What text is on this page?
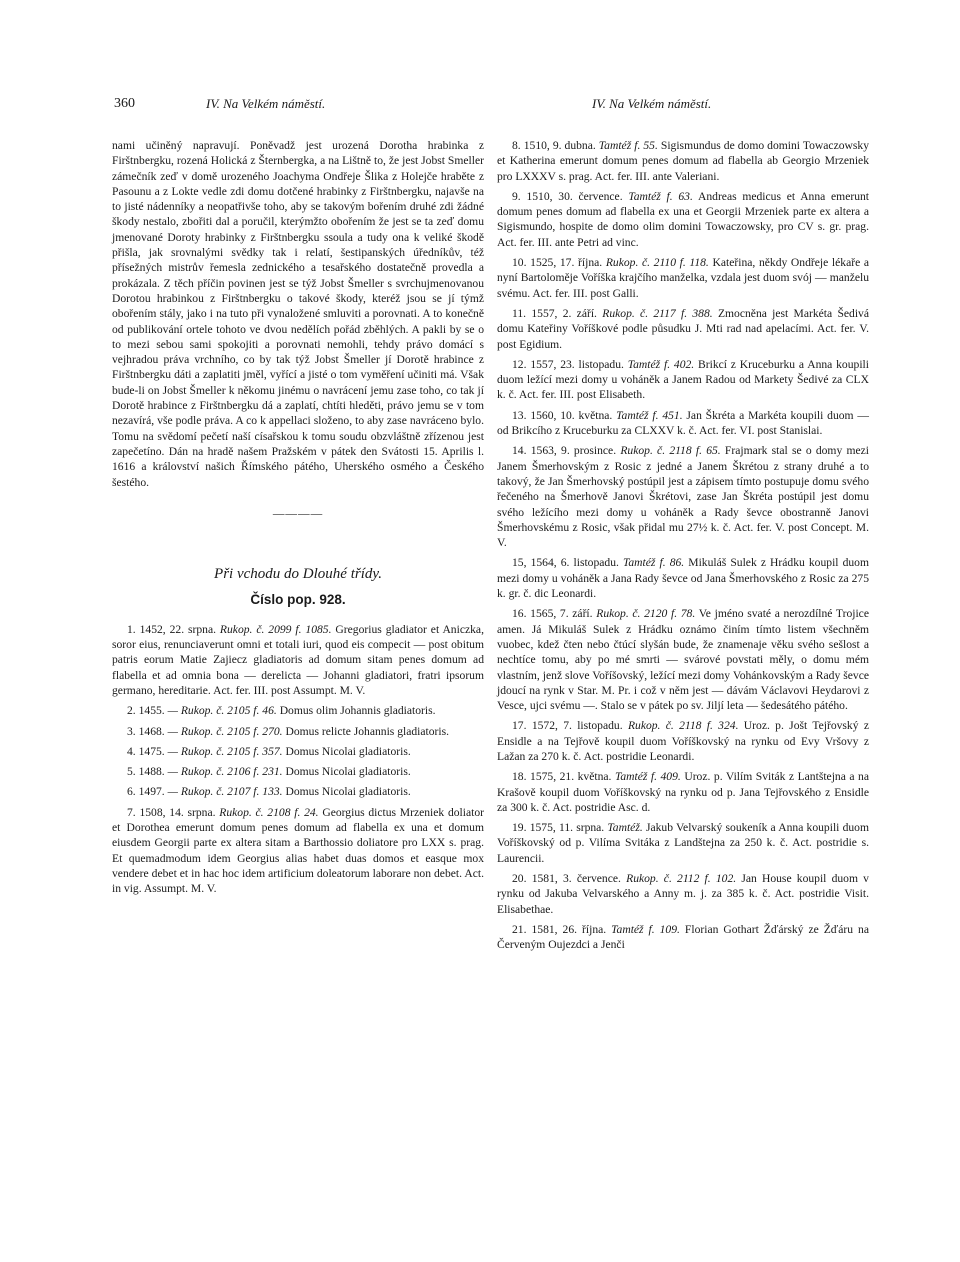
360	IV. Na Velkém náměstí.	IV. Na Velkém náměstí.

nami učiněný napravují. Poněvadž jest urozená Dorotha hrabinka z Firštnbergku, rozená Holická z Šternbergka, a na Lištně to, že jest Jobst Smeller zámečník zeď v domě urozeného Joachyma Ondřeje Šlika z Holejče hraběte z Pasounu a z Lokte vedle zdi domu dotčené hrabinky z Firštnbergku, najavše na to jisté nádenníky a neopatřivše toho, aby se takovým bořením druhé zdi žádné škody nestalo, zbořiti dal a poručil, kterýmžto obořením že jest se ta zeď domu jmenované Doroty hrabinky z Firštnbergku ssoula a tudy ona k veliké škodě přišla, jak srovnalými svědky tak i relatí, šestipanských úředníkův, též přísežných mistrův řemesla zednického a tesařského dostatečně provedla a prokázala. Z těch příčin povinen jest se týž Jobst Šmeller s svrchujmenovanou Dorotou hrabinkou z Firštnbergku o takové škody, kteréž jsou se jí týmž obořením stály, jako i na tuto při vynaložené smluviti a porovnati. A to konečně od publikování ortele tohoto ve dvou nedělích pořád zběhlých. A pakli by se o to mezi sebou sami spokojiti a porovnati nemohli, tehdy právo domácí s vejhradou práva vrchního, co by tak týž Jobst Šmeller jí Dorotě hrabince z Firštnbergku dáti a zaplatiti jměl, vyřící a jisté o tom vyměření učiniti má. Však bude-li on Jobst Šmeller k někomu jinému o navrácení jemu zase toho, co tak jí Dorotě hrabince z Firštnbergku dá a zaplatí, chtíti hleděti, právo jemu se v tom nezavírá, vše podle práva. A co k appellaci složeno, to aby zase navráceno bylo. Tomu na svědomí pečetí naší císařskou k tomu soudu obzvláštně zřízenou jest zapečetíno. Dán na hradě našem Pražském v pátek den Svátosti 15. Aprilis l. 1616 a království našich Římského pátého, Uherského osmého a Českého šestého.

————
Při vchodu do Dlouhé třídy.
Číslo pop. 928.

1. 1452, 22. srpna. Rukop. č. 2099 f. 1085. Gregorius gladiator et Aniczka, soror eius, renunciaverunt omni et totali iuri, quod eis compecit — post obitum patris eorum Matie Zajiecz gladiatoris ad domum sitam penes domum ad flabella et ad omnia bona — derelicta — Johanni gladiatori, fratri ipsorum germano, hereditarie. Act. fer. III. post Assumpt. M. V.

2. 1455. — Rukop. č. 2105 f. 46. Domus olim Johannis gladiatoris.

3. 1468. — Rukop. č. 2105 f. 270. Domus relicte Johannis gladiatoris.

4. 1475. — Rukop. č. 2105 f. 357. Domus Nicolai gladiatoris.

5. 1488. — Rukop. č. 2106 f. 231. Domus Nicolai gladiatoris.

6. 1497. — Rukop. č. 2107 f. 133. Domus Nicolai gladiatoris.

7. 1508, 14. srpna. Rukop. č. 2108 f. 24. Georgius dictus Mrzeniek doliator et Dorothea emerunt domum penes domum ad flabella ex una et domum eiusdem Georgii parte ex altera sitam a Barthossio doliatore pro LXX s. prag. Et quemadmodum idem Georgius alias habet duas domos et easque mox vendere debet et in hac hoc idem artificium doleatorum laborare non debet. Act. in vig. Assumpt. M. V.

8. 1510, 9. dubna. Tamtéž f. 55. Sigismundus de domo domini Towaczowsky et Katherina emerunt domum penes domum ad flabella ab Georgio Mrzeniek pro LXXXV s. prag. Act. fer. III. ante Valeriani.

9. 1510, 30. července. Tamtéž f. 63. Andreas medicus et Anna emerunt domum penes domum ad flabella ex una et Georgii Mrzeniek parte ex altera a Sigismundo, hospite de domo olim domini Towaczowsky, pro CV s. gr. prag. Act. fer. III. ante Petri ad vinc.

10. 1525, 17. října. Rukop. č. 2110 f. 118. Kateřina, někdy Ondřeje lékaře a nyní Bartoloměje Voříška krajčího manželka, vzdala jest duom svój — manželu svému. Act. fer. III. post Galli.

11. 1557, 2. září. Rukop. č. 2117 f. 388. Zmocněna jest Markéta Šedivá domu Kateřiny Voříškové podle půsudku J. Mti rad nad apelacími. Act. fer. V. post Egidium.

12. 1557, 23. listopadu. Tamtéž f. 402. Brikcí z Kruceburku a Anna koupili duom ležící mezi domy u voháněk a Janem Radou od Markety Šedivé za CLX k. č. Act. fer. III. post Elisabeth.

13. 1560, 10. května. Tamtéž f. 451. Jan Škréta a Markéta koupili duom — od Brikcího z Kruceburku za CLXXV k. č. Act. fer. VI. post Stanislai.

14. 1563, 9. prosince. Rukop. č. 2118 f. 65. Frajmark stal se o domy mezi Janem Šmerhovským z Rosic z jedné a Janem Škrétou z strany druhé a to takový, že Jan Šmerhovský postúpil jest a zápisem tímto postupuje domu svého řečeného na Šmerhově Janovi Škrétovi, zase Jan Škréta postúpil jest domu svého ležícího mezi domy u voháněk a Rady ševce obostranně Janovi Šmerhovskému z Rosic, však přidal mu 27½ k. č. Act. fer. V. post Concept. M. V.

15, 1564, 6. listopadu. Tamtéž f. 86. Mikuláš Sulek z Hrádku koupil duom mezi domy u voháněk a Jana Rady ševce od Jana Šmerhovského z Rosic za 275 k. gr. č. dic Leonardi.

16. 1565, 7. září. Rukop. č. 2120 f. 78. Ve jméno svaté a nerozdílné Trojice amen. Já Mikuláš Sulek z Hrádku oznámo činím tímto listem všechněm vuobec, kdež čten nebo čtúcí slyšán bude, že znamenaje věku svého sešlost a nechtíce tomu, aby po mé smrti — svárové povstati měly, o domu mém vlastním, jenž slove Voříšovský, ležící mezi domy Vohánkovským a Rady ševce jdoucí na rynk v Star. M. Pr. i což v něm jest — dávám Václavovi Heydarovi z Vesce, ujci svému —. Stalo se v pátek po sv. Jiljí leta — šedesátého pátého.

17. 1572, 7. listopadu. Rukop. č. 2118 f. 324. Uroz. p. Jošt Tejřovský z Ensidle a na Tejřově koupil duom Voříškovský na rynku od Evy Vršovy z Lažan za 270 k. č. Act. postridie Leonardi.

18. 1575, 21. května. Tamtéž f. 409. Uroz. p. Vilím Sviták z Lantštejna a na Krašově koupil duom Voříškovský na rynku od p. Jana Tejřovského z Ensidle za 300 k. č. Act. postridie Asc. d.

19. 1575, 11. srpna. Tamtéž. Jakub Velvarský soukeník a Anna koupili duom Voříškovský od p. Vilíma Svitáka z Landštejna za 250 k. č. Act. postridie s. Laurencii.

20. 1581, 3. července. Rukop. č. 2112 f. 102. Jan House koupil duom v rynku od Jakuba Velvarského a Anny m. j. za 385 k. č. Act. postridie Visit. Elisabethae.

21. 1581, 26. října. Tamtéž f. 109. Florian Gothart Žďárský ze Žďáru na Červeným Oujezdci a Jenči
